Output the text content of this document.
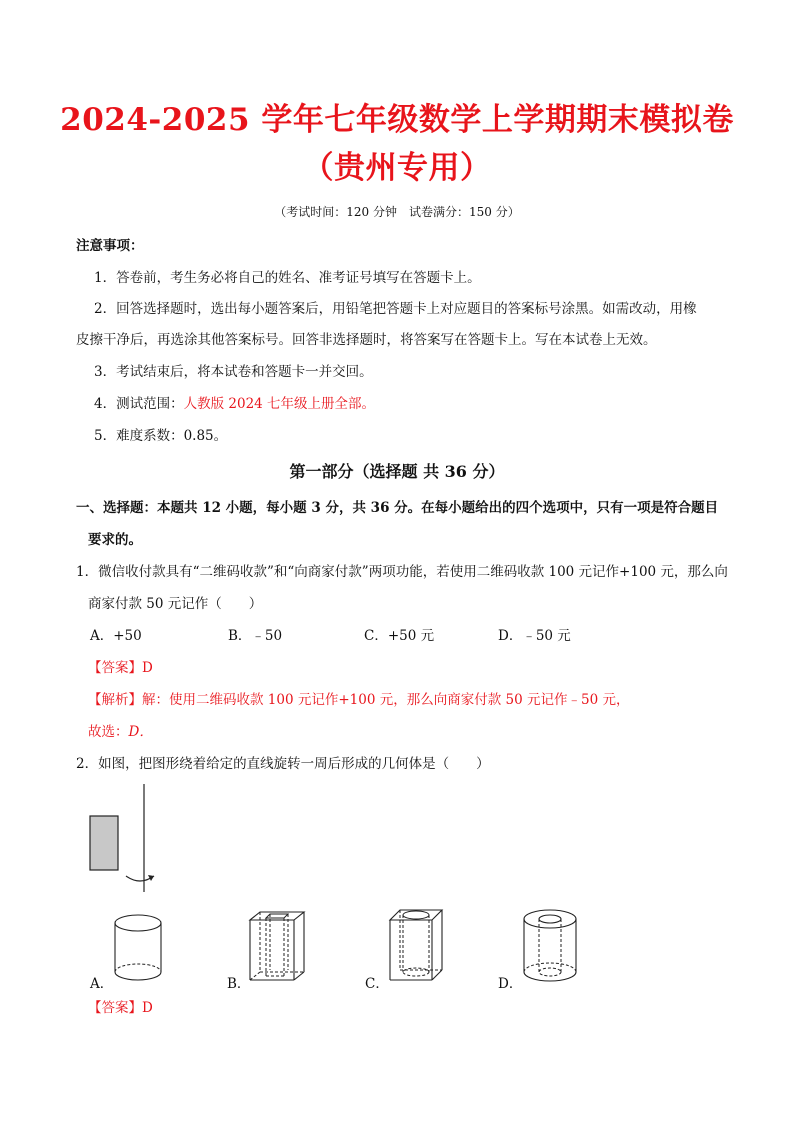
2024-2025 学年七年级数学上学期期末模拟卷
（贵州专用）
（考试时间：120 分钟　试卷满分：150 分）
注意事项：
1．答卷前，考生务必将自己的姓名、准考证号填写在答题卡上。
2．回答选择题时，选出每小题答案后，用铅笔把答题卡上对应题目的答案标号涂黑。如需改动，用橡
皮擦干净后，再选涂其他答案标号。回答非选择题时，将答案写在答题卡上。写在本试卷上无效。
3．考试结束后，将本试卷和答题卡一并交回。
4．测试范围：人教版 2024 七年级上册全部。
5．难度系数：0.85。
第一部分（选择题 共 36 分）
一、选择题：本题共 12 小题，每小题 3 分，共 36 分。在每小题给出的四个选项中，只有一项是符合题目
要求的。
1．微信收付款具有“二维码收款”和“向商家付款”两项功能，若使用二维码收款 100 元记作+100 元，那么向
商家付款 50 元记作（　　）
A．+50	B．﹣50	C．+50 元	D．﹣50 元
【答案】D
【解析】解：使用二维码收款 100 元记作+100 元，那么向商家付款 50 元记作﹣50 元，
故选：D．
2．如图，把图形绕着给定的直线旋转一周后形成的几何体是（　　）
A．	B．	C．	D．
【答案】D
